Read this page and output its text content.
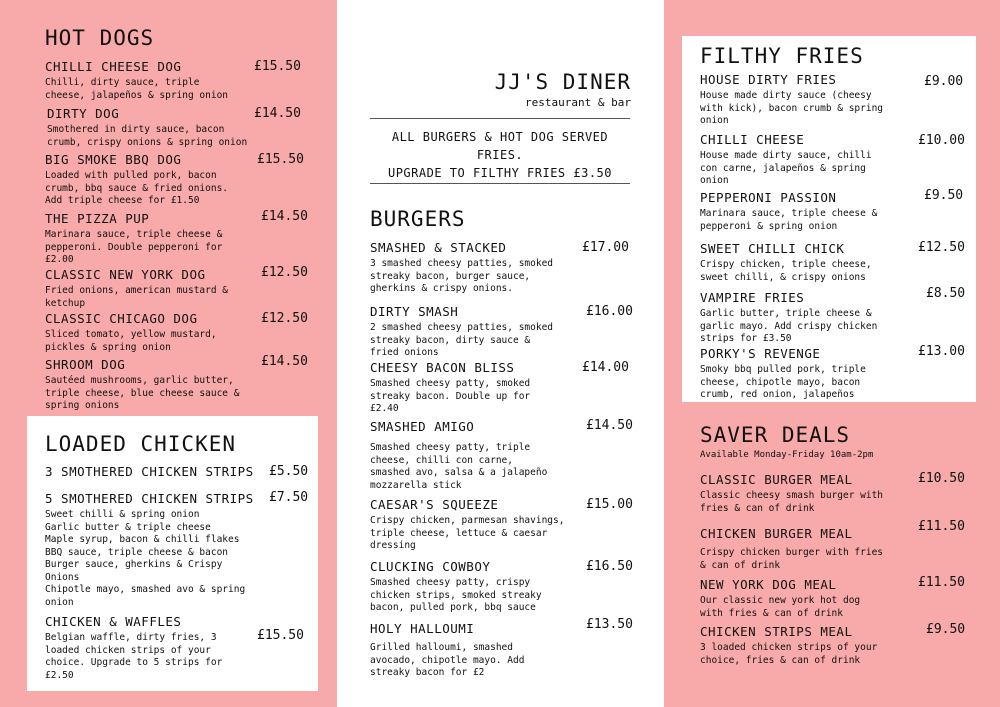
HOT DOGS
CHILLI CHEESE DOG
Chilli, dirty sauce, triple cheese, jalapeños & spring onion
£15.50
DIRTY DOG
Smothered in dirty sauce, bacon crumb, crispy onions & spring onion
£14.50
BIG SMOKE BBQ DOG
Loaded with pulled pork, bacon crumb, bbq sauce & fried onions. Add triple cheese for £1.50
£15.50
THE PIZZA PUP
Marinara sauce, triple cheese & pepperoni. Double pepperoni for £2.00
£14.50
CLASSIC NEW YORK DOG
Fried onions, american mustard & ketchup
£12.50
CLASSIC CHICAGO DOG
Sliced tomato, yellow mustard, pickles & spring onion
£12.50
SHROOM DOG
Sautéed mushrooms, garlic butter, triple cheese, blue cheese sauce & spring onions
£14.50
LOADED CHICKEN
3 SMOTHERED CHICKEN STRIPS £5.50
5 SMOTHERED CHICKEN STRIPS £7.50
Sweet chilli & spring onion
Garlic butter & triple cheese
Maple syrup, bacon & chilli flakes
BBQ sauce, triple cheese & bacon
Burger sauce, gherkins & Crispy Onions
Chipotle mayo, smashed avo & spring onion
CHICKEN & WAFFLES
Belgian waffle, dirty fries, 3 loaded chicken strips of your choice. Upgrade to 5 strips for £2.50
£15.50
JJ'S DINER
restaurant & bar
ALL BURGERS & HOT DOG SERVED
FRIES.
UPGRADE TO FILTHY FRIES £3.50
BURGERS
SMASHED & STACKED
3 smashed cheesy patties, smoked streaky bacon, burger sauce, gherkins & crispy onions.
£17.00
DIRTY SMASH
2 smashed cheesy patties, smoked streaky bacon, dirty sauce & fried onions
£16.00
CHEESY BACON BLISS
Smashed cheesy patty, smoked streaky bacon. Double up for £2.40
£14.00
SMASHED AMIGO
Smashed cheesy patty, triple cheese, chilli con carne, smashed avo, salsa & a jalapeño mozzarella stick
£14.50
CAESAR'S SQUEEZE
Crispy chicken, parmesan shavings, triple cheese, lettuce & caesar dressing
£15.00
CLUCKING COWBOY
Smashed cheesy patty, crispy chicken strips, smoked streaky bacon, pulled pork, bbq sauce
£16.50
HOLY HALLOUMI
Grilled halloumi, smashed avocado, chipotle mayo. Add streaky bacon for £2
£13.50
FILTHY FRIES
HOUSE DIRTY FRIES
House made dirty sauce (cheesy with kick), bacon crumb & spring onion
£9.00
CHILLI CHEESE
House made dirty sauce, chilli con carne, jalapeños & spring onion
£10.00
PEPPERONI PASSION
Marinara sauce, triple cheese & pepperoni & spring onion
£9.50
SWEET CHILLI CHICK
Crispy chicken, triple cheese, sweet chilli, & crispy onions
£12.50
VAMPIRE FRIES
Garlic butter, triple cheese & garlic mayo. Add crispy chicken strips for £3.50
£8.50
PORKY'S REVENGE
Smoky bbq pulled pork, triple cheese, chipotle mayo, bacon crumb, red onion, jalapeños
£13.00
SAVER DEALS
Available Monday-Friday 10am-2pm
CLASSIC BURGER MEAL
Classic cheesy smash burger with fries & can of drink
£10.50
CHICKEN BURGER MEAL
Crispy chicken burger with fries & can of drink
£11.50
NEW YORK DOG MEAL
Our classic new york hot dog with fries & can of drink
£11.50
CHICKEN STRIPS MEAL
3 loaded chicken strips of your choice, fries & can of drink
£9.50
